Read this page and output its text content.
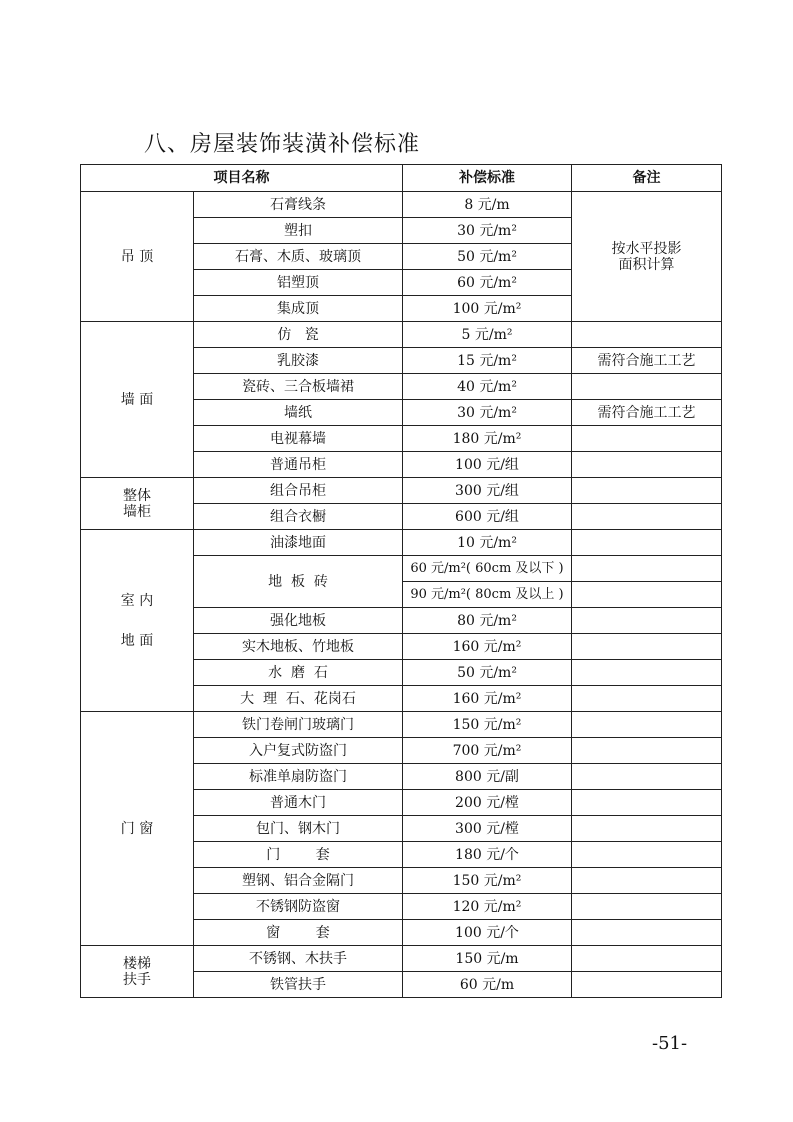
八、房屋装饰装潢补偿标准
项目名称		补偿标准	备注
吊 顶	石膏线条	8 元/m	按水平投影
面积计算
	塑扣	30 元/m²	
	石膏、木质、玻璃顶	50 元/m²	
	铝塑顶	60 元/m²	
	集成顶	100 元/m²	
墙 面	仿   瓷	5 元/m²	
	乳胶漆	15 元/m²	需符合施工工艺
	瓷砖、三合板墙裙	40 元/m²	
	墙纸	30 元/m²	需符合施工工艺
	电视幕墙	180 元/m²	
	普通吊柜	100 元/组	
整体
墙柜	组合吊柜	300 元/组	
	组合衣橱	600 元/组	
室 内

地 面	油漆地面	10 元/m²	
	地  板  砖	60 元/m²( 60cm 及以下 )	
		90 元/m²( 80cm 及以上 )	
	强化地板	80 元/m²	
	实木地板、竹地板	160 元/m²	
	水  磨  石	50 元/m²	
	大  理  石、花岗石	160 元/m²	
门 窗	铁门卷闸门玻璃门	150 元/m²	
	入户复式防盗门	700 元/m²	
	标准单扇防盗门	800 元/副	
	普通木门	200 元/樘	
	包门、钢木门	300 元/樘	
	门        套	180 元/个	
	塑钢、铝合金隔门	150 元/m²	
	不锈钢防盗窗	120 元/m²	
	窗        套	100 元/个	
楼梯
扶手	不锈钢、木扶手	150 元/m	
	铁管扶手	60 元/m	
-51-
